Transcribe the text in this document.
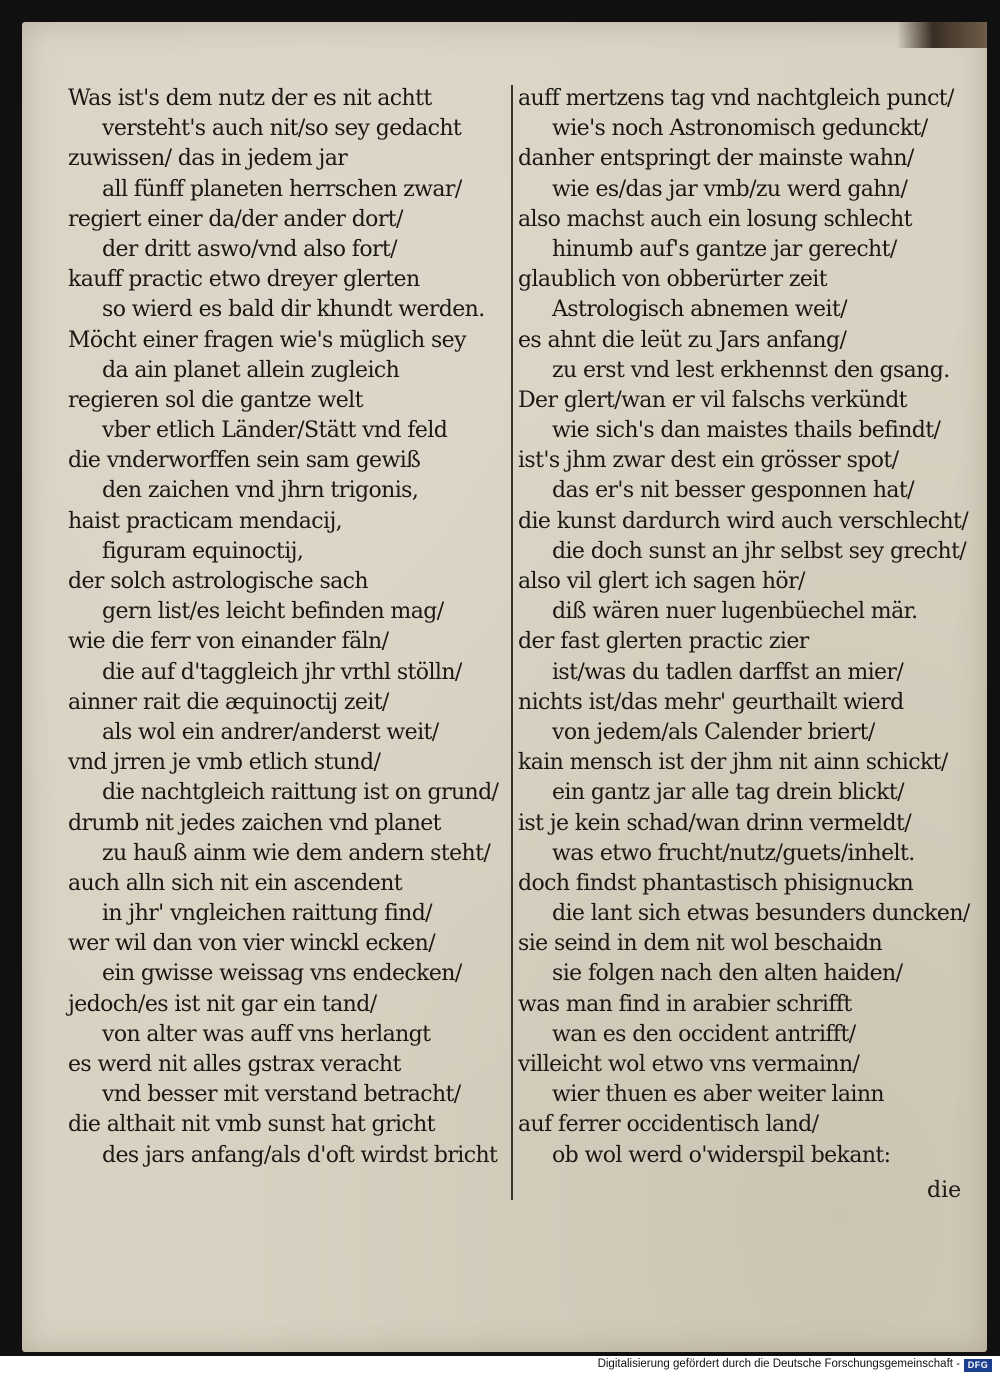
Was ist's dem nutz der es nit achtt
versteht's auch nit/so sey gedacht
zuwissen/ das in jedem jar
all fünff planeten herrschen zwar/
regiert einer da/der ander dort/
der dritt aswo/vnd also fort/
kauff practic etwo dreyer glerten
so wierd es bald dir khundt werden.
Möcht einer fragen wie's müglich sey
da ain planet allein zugleich
regieren sol die gantze welt
vber etlich Länder/Stätt vnd feld
die vnderworffen sein sam gewiß
den zaichen vnd jhrn trigonis,
haist practicam mendacij,
figuram equinoctij,
der solch astrologische sach
gern list/es leicht befinden mag/
wie die ferr von einander fäln/
die auf d'taggleich jhr vrthl stölln/
ainner rait die æquinoctij zeit/
als wol ein andrer/anderst weit/
vnd jrren je vmb etlich stund/
die nachtgleich raittung ist on grund/
drumb nit jedes zaichen vnd planet
zu hauß ainm wie dem andern steht/
auch alln sich nit ein ascendent
in jhr' vngleichen raittung find/
wer wil dan von vier winckl ecken/
ein gwisse weissag vns endecken/
jedoch/es ist nit gar ein tand/
von alter was auff vns herlangt
es werd nit alles gstrax veracht
vnd besser mit verstand betracht/
die althait nit vmb sunst hat gricht
des jars anfang/als d'oft wirdst bricht
auff mertzens tag vnd nachtgleich punct/
wie's noch Astronomisch gedunckt/
danher entspringt der mainste wahn/
wie es/das jar vmb/zu werd gahn/
also machst auch ein losung schlecht
hinumb auf's gantze jar gerecht/
glaublich von obberürter zeit
Astrologisch abnemen weit/
es ahnt die leüt zu Jars anfang/
zu erst vnd lest erkhennst den gsang.
Der glert/wan er vil falschs verkündt
wie sich's dan maistes thails befindt/
ist's jhm zwar dest ein grösser spot/
das er's nit besser gesponnen hat/
die kunst dardurch wird auch verschlecht/
die doch sunst an jhr selbst sey grecht/
also vil glert ich sagen hör/
diß wären nuer lugenbüechel mär.
der fast glerten practic zier
ist/was du tadlen darffst an mier/
nichts ist/das mehr' geurthailt wierd
von jedem/als Calender briert/
kain mensch ist der jhm nit ainn schickt/
ein gantz jar alle tag drein blickt/
ist je kein schad/wan drinn vermeldt/
was etwo frucht/nutz/guets/inhelt.
doch findst phantastisch phisignuckn
die lant sich etwas besunders duncken/
sie seind in dem nit wol beschaidn
sie folgen nach den alten haiden/
was man find in arabier schrifft
wan es den occident antrifft/
villeicht wol etwo vns vermainn/
wier thuen es aber weiter lainn
auf ferrer occidentisch land/
ob wol werd o'widerspil bekant:
die
Digitalisierung gefördert durch die Deutsche Forschungsgemeinschaft - DFG
